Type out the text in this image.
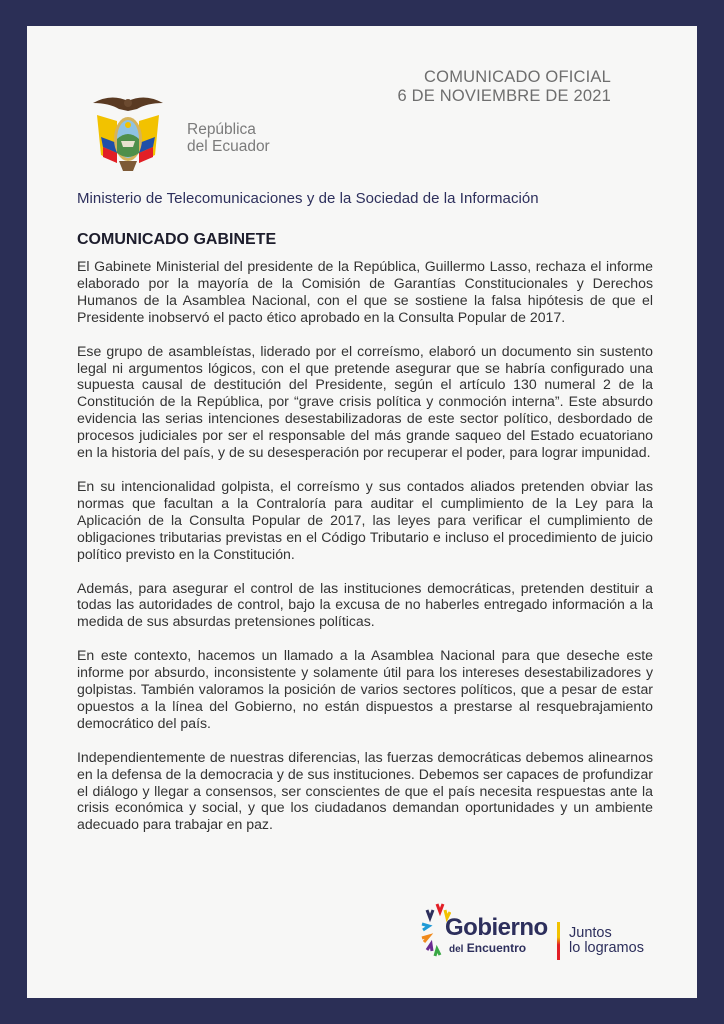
COMUNICADO OFICIAL
6 DE NOVIEMBRE DE 2021
República
del Ecuador
Ministerio de Telecomunicaciones y de la Sociedad de la Información
COMUNICADO GABINETE

El Gabinete Ministerial del presidente de la República, Guillermo Lasso, rechaza el informe elaborado por la mayoría de la Comisión de Garantías Constitucionales y Derechos Humanos de la Asamblea Nacional, con el que se sostiene la falsa hipótesis de que el Presidente inobservó el pacto ético aprobado en la Consulta Popular de 2017.

Ese grupo de asambleístas, liderado por el correísmo, elaboró un documento sin sustento legal ni argumentos lógicos, con el que pretende asegurar que se habría configurado una supuesta causal de destitución del Presidente, según el artículo 130 numeral 2 de la Constitución de la República, por “grave crisis política y conmoción interna”. Este absurdo evidencia las serias intenciones desestabilizadoras de este sector político, desbordado de procesos judiciales por ser el responsable del más grande saqueo del Estado ecuatoriano en la historia del país, y de su desesperación por recuperar el poder, para lograr impunidad.

En su intencionalidad golpista, el correísmo y sus contados aliados pretenden obviar las normas que facultan a la Contraloría para auditar el cumplimiento de la Ley para la Aplicación de la Consulta Popular de 2017, las leyes para verificar el cumplimiento de obligaciones tributarias previstas en el Código Tributario e incluso el procedimiento de juicio político previsto en la Constitución.

Además, para asegurar el control de las instituciones democráticas, pretenden destituir a todas las autoridades de control, bajo la excusa de no haberles entregado información a la medida de sus absurdas pretensiones políticas.

En este contexto, hacemos un llamado a la Asamblea Nacional para que deseche este informe por absurdo, inconsistente y solamente útil para los intereses desestabilizadores y golpistas. También valoramos la posición de varios sectores políticos, que a pesar de estar opuestos a la línea del Gobierno, no están dispuestos a prestarse al resquebrajamiento democrático del país.

Independientemente de nuestras diferencias, las fuerzas democráticas debemos alinearnos en la defensa de la democracia y de sus instituciones. Debemos ser capaces de profundizar el diálogo y llegar a consensos, ser conscientes de que el país necesita respuestas ante la crisis económica y social, y que los ciudadanos demandan oportunidades y un ambiente adecuado para trabajar en paz.

Gobierno
del Encuentro
Juntos
lo logramos
